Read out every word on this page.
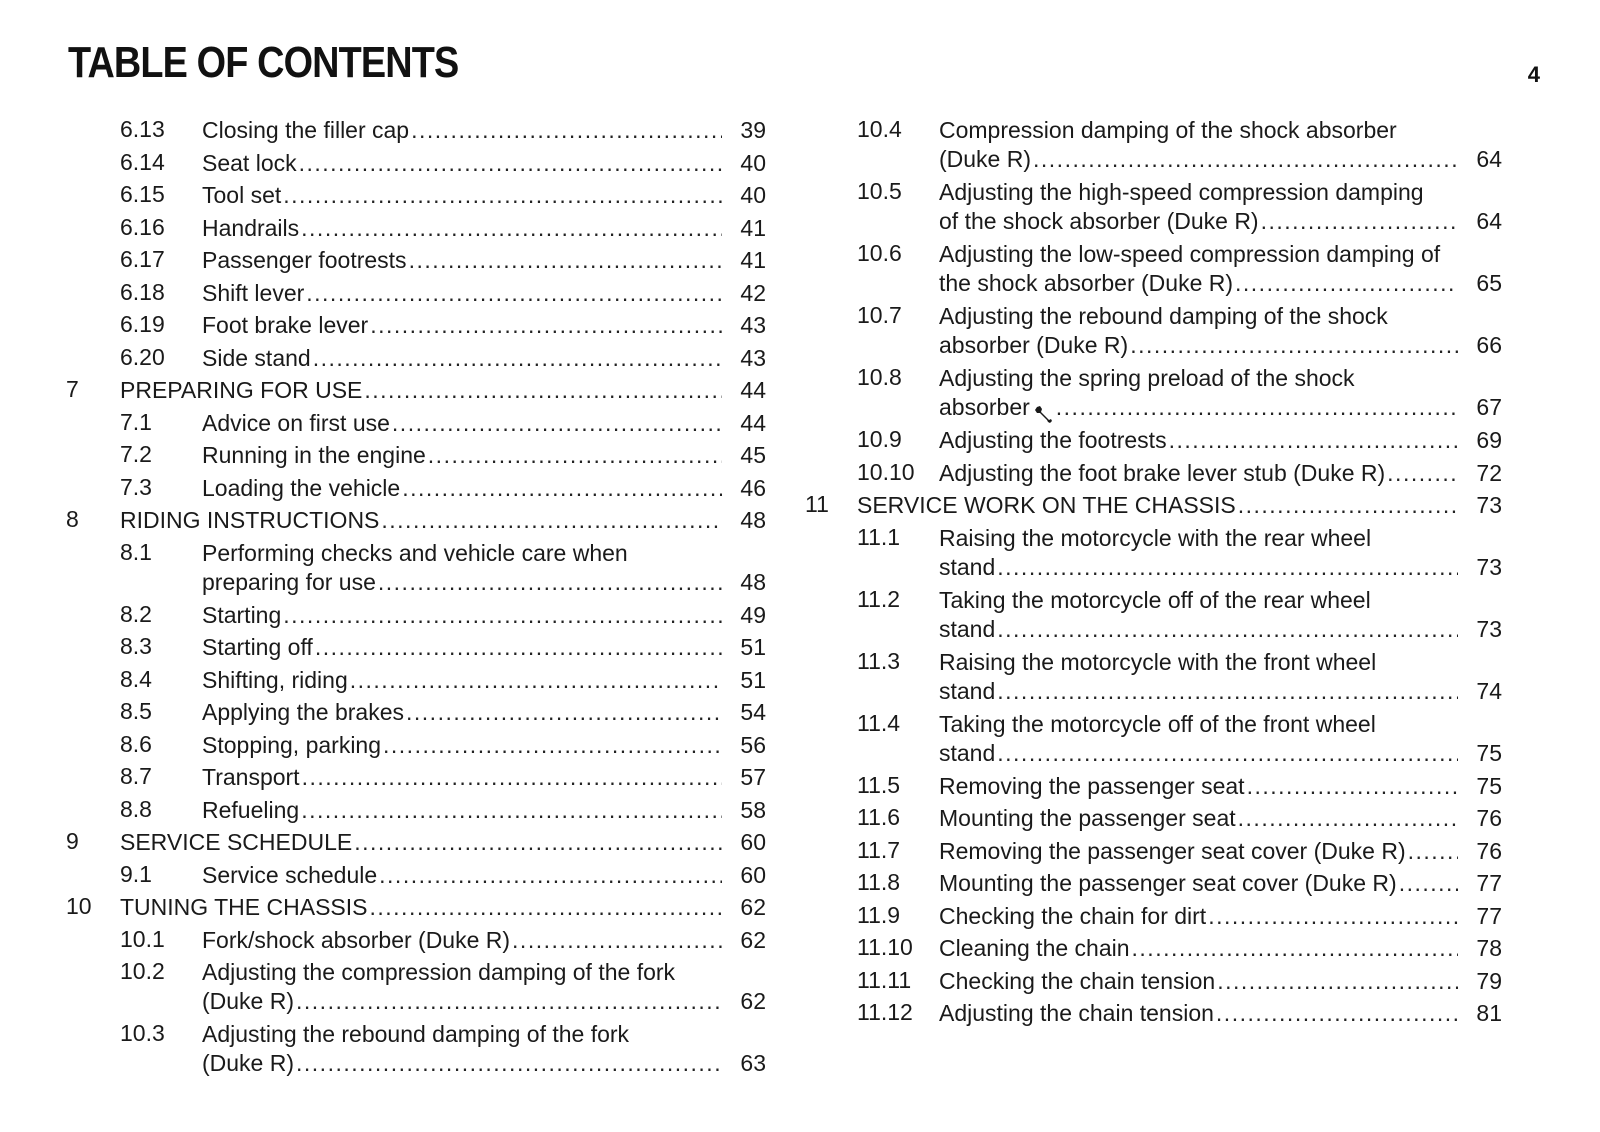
TABLE OF CONTENTS	4
6.13	Closing the filler cap .....	39
6.14	Seat lock .....	40
6.15	Tool set .....	40
6.16	Handrails .....	41
6.17	Passenger footrests .....	41
6.18	Shift lever .....	42
6.19	Foot brake lever .....	43
6.20	Side stand .....	43
7	PREPARING FOR USE .....	44
7.1	Advice on first use .....	44
7.2	Running in the engine .....	45
7.3	Loading the vehicle .....	46
8	RIDING INSTRUCTIONS .....	48
8.1	Performing checks and vehicle care when
preparing for use .....	48
8.2	Starting .....	49
8.3	Starting off .....	51
8.4	Shifting, riding .....	51
8.5	Applying the brakes .....	54
8.6	Stopping, parking .....	56
8.7	Transport .....	57
8.8	Refueling .....	58
9	SERVICE SCHEDULE .....	60
9.1	Service schedule .....	60
10	TUNING THE CHASSIS .....	62
10.1	Fork/shock absorber (Duke R) .....	62
10.2	Adjusting the compression damping of the fork
(Duke R) .....	62
10.3	Adjusting the rebound damping of the fork
(Duke R) .....	63
10.4	Compression damping of the shock absorber
(Duke R) .....	64
10.5	Adjusting the high-speed compression damping
of the shock absorber (Duke R) .....	64
10.6	Adjusting the low-speed compression damping of
the shock absorber (Duke R) .....	65
10.7	Adjusting the rebound damping of the shock
absorber (Duke R) .....	66
10.8	Adjusting the spring preload of the shock
absorber .....	67
10.9	Adjusting the footrests .....	69
10.10	Adjusting the foot brake lever stub (Duke R) .....	72
11	SERVICE WORK ON THE CHASSIS .....	73
11.1	Raising the motorcycle with the rear wheel
stand .....	73
11.2	Taking the motorcycle off of the rear wheel
stand .....	73
11.3	Raising the motorcycle with the front wheel
stand .....	74
11.4	Taking the motorcycle off of the front wheel
stand .....	75
11.5	Removing the passenger seat .....	75
11.6	Mounting the passenger seat .....	76
11.7	Removing the passenger seat cover (Duke R) .....	76
11.8	Mounting the passenger seat cover (Duke R) .....	77
11.9	Checking the chain for dirt .....	77
11.10	Cleaning the chain .....	78
11.11	Checking the chain tension .....	79
11.12	Adjusting the chain tension .....	81
